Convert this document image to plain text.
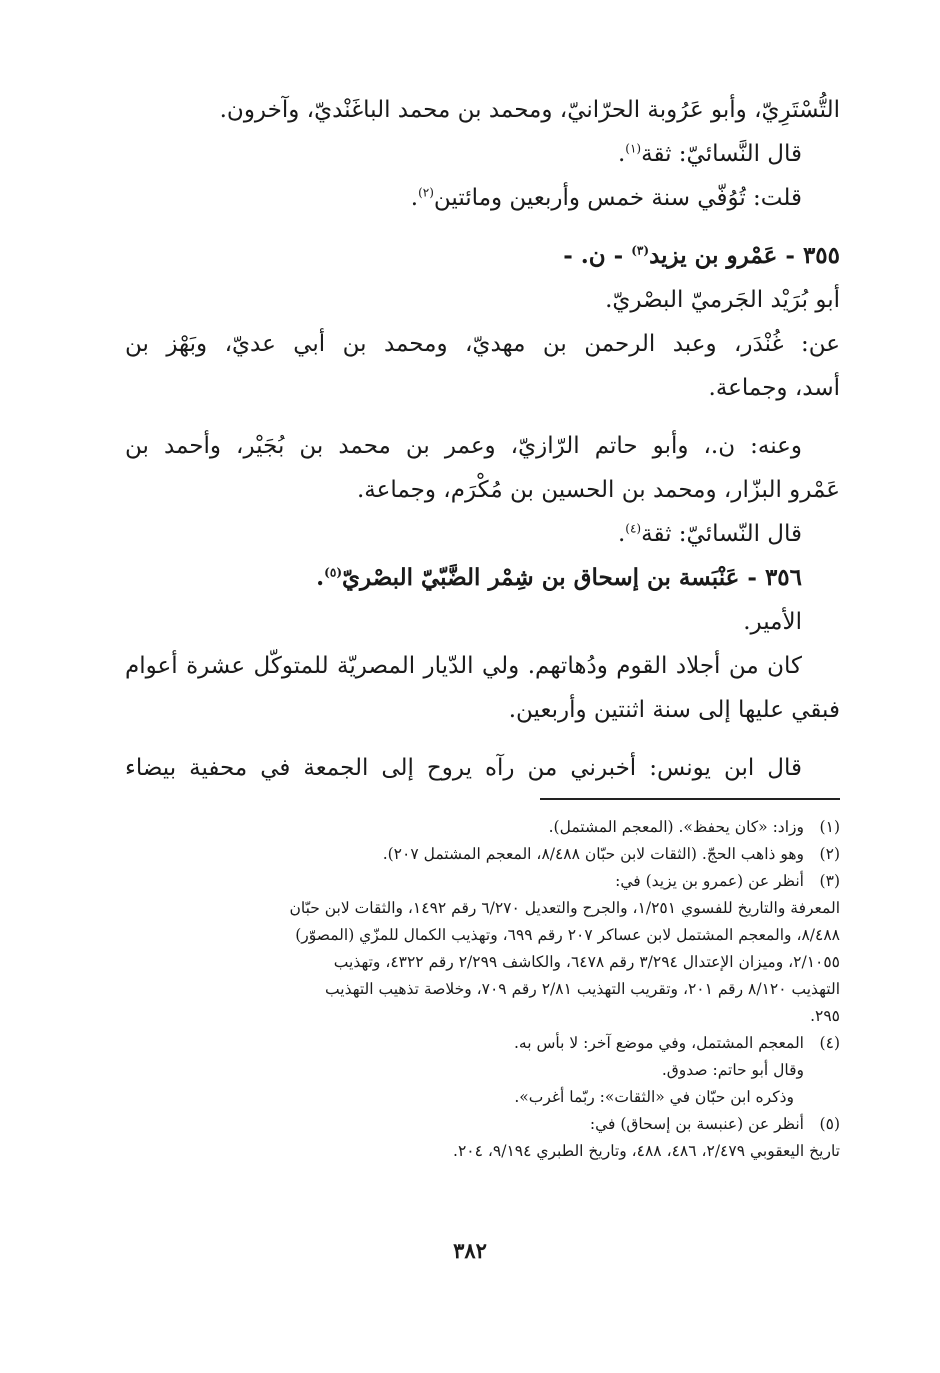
التُّسْتَرِيّ، وأبو عَرُوبة الحرّانيّ، ومحمد بن محمد الباغَنْديّ، وآخرون.
قال النَّسائيّ: ثقة$^{(١)}$.
قلت: تُوُفّي سنة خمس وأربعين ومائتين$^{(٢)}$.
٣٥٥ - عَمْرو بن يزيد$^{(٣)}$ - ن. -
أبو بُرَيْد الجَرميّ البصْريّ.
عن: غُنْدَر، وعبد الرحمن بن مهديّ، ومحمد بن أبي عديّ، وبَهْز بن
أسد، وجماعة.
وعنه: ن.، وأبو حاتم الرّازيّ، وعمر بن محمد بن بُجَيْر، وأحمد بن
عَمْرو البزّار، ومحمد بن الحسين بن مُكْرَم، وجماعة.
قال النّسائيّ: ثقة$^{(٤)}$.
٣٥٦ - عَنْبَسة بن إسحاق بن شِمْر الضَّبّيّ البصْريّ$^{(٥)}$.
الأمير.
كان من أجلاد القوم ودُهاتهم. ولي الدّيار المصريّة للمتوكّل عشرة أعوام
فبقي عليها إلى سنة اثنتين وأربعين.
قال ابن يونس: أخبرني من رآه يروح إلى الجمعة في محفية بيضاء
(١)
وزاد: «كان يحفظ». (المعجم المشتمل).
(٢)
وهو ذاهب الحجّ. (الثقات لابن حبّان ٨/٤٨٨، المعجم المشتمل ٢٠٧).
(٣)
أنظر عن (عمرو بن يزيد) في:
المعرفة والتاريخ للفسوي ١/٢٥١، والجرح والتعديل ٦/٢٧٠ رقم ١٤٩٢، والثقات لابن حبّان
٨/٤٨٨، والمعجم المشتمل لابن عساكر ٢٠٧ رقم ٦٩٩، وتهذيب الكمال للمزّي (المصوّر)
٢/١٠٥٥، وميزان الإعتدال ٣/٢٩٤ رقم ٦٤٧٨، والكاشف ٢/٢٩٩ رقم ٤٣٢٢، وتهذيب
التهذيب ٨/١٢٠ رقم ٢٠١، وتقريب التهذيب ٢/٨١ رقم ٧٠٩، وخلاصة تذهيب التهذيب
٢٩٥.
(٤)
المعجم المشتمل، وفي موضع آخر: لا بأس به.
وقال أبو حاتم: صدوق.
وذكره ابن حبّان في «الثقات»: ربّما أغرب».
(٥)
أنظر عن (عنبسة بن إسحاق) في:
تاريخ اليعقوبي ٢/٤٧٩، ٤٨٦، ٤٨٨، وتاريخ الطبري ٩/١٩٤، ٢٠٤.
٣٨٢
